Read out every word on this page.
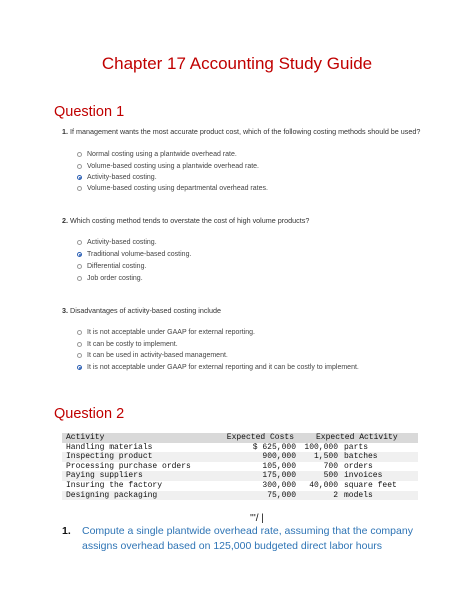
Chapter 17 Accounting Study Guide
Question 1
1. If management wants the most accurate product cost, which of the following costing methods should be used?
Normal costing using a plantwide overhead rate.
Volume-based costing using a plantwide overhead rate.
Activity-based costing.
Volume-based costing using departmental overhead rates.
2. Which costing method tends to overstate the cost of high volume products?
Activity-based costing.
Traditional volume-based costing.
Differential costing.
Job order costing.
3. Disadvantages of activity-based costing include
It is not acceptable under GAAP for external reporting.
It can be costly to implement.
It can be used in activity-based management.
It is not acceptable under GAAP for external reporting and it can be costly to implement.
Question 2
Activity	Expected Costs	Expected Activity
Handling materials	$ 625,000 100,000 parts
Inspecting product	900,000 1,500 batches
Processing purchase orders	105,000	700 orders
Paying suppliers	175,000	500 invoices
Insuring the factory	300,000 40,000 square feet
Designing packaging	75,000	2 models
'''/ |
1.	Compute a single plantwide overhead rate, assuming that the company assigns overhead based on 125,000 budgeted direct labor hours
